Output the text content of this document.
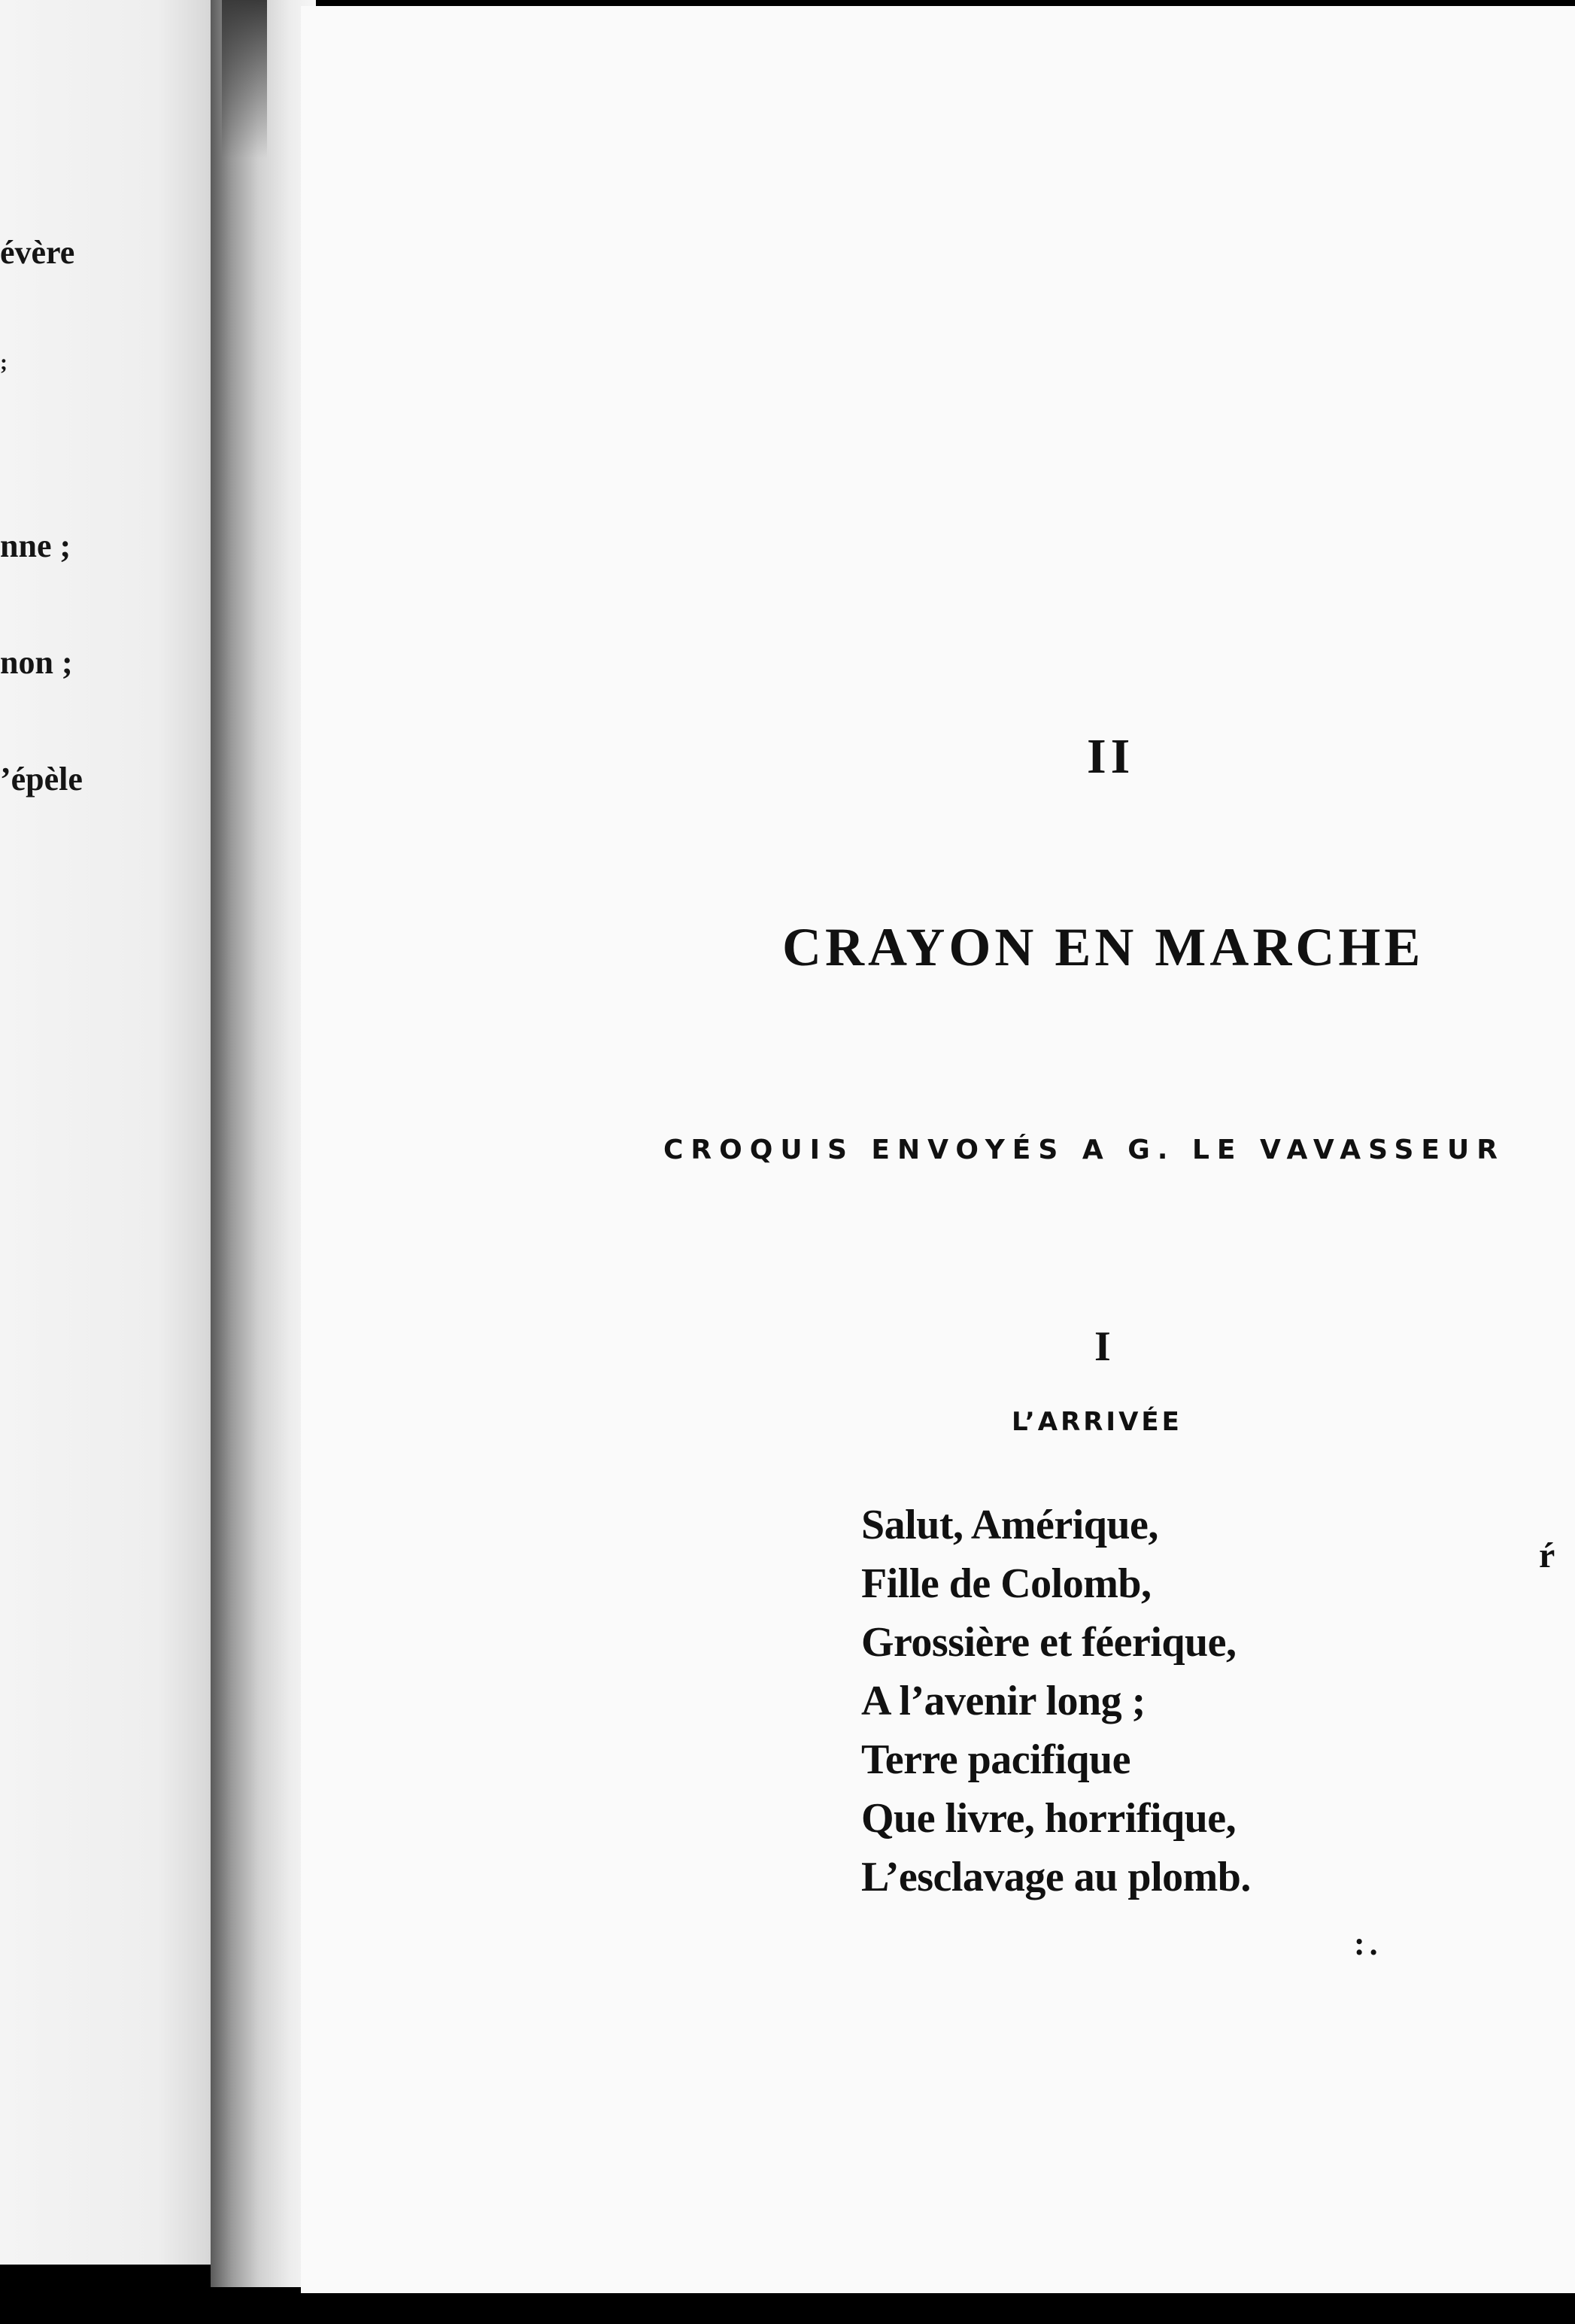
évère
;
nne ;
non ;
’épèle	II
CRAYON EN MARCHE
CROQUIS ENVOYÉS A G. LE VAVASSEUR
I
L’ARRIVÉE
Salut, Amérique,
Fille de Colomb,
Grossière et féerique,
A l’avenir long ;
Terre pacifique
Que livre, horrifique,
L’esclavage au plomb.
:.
ŕ
